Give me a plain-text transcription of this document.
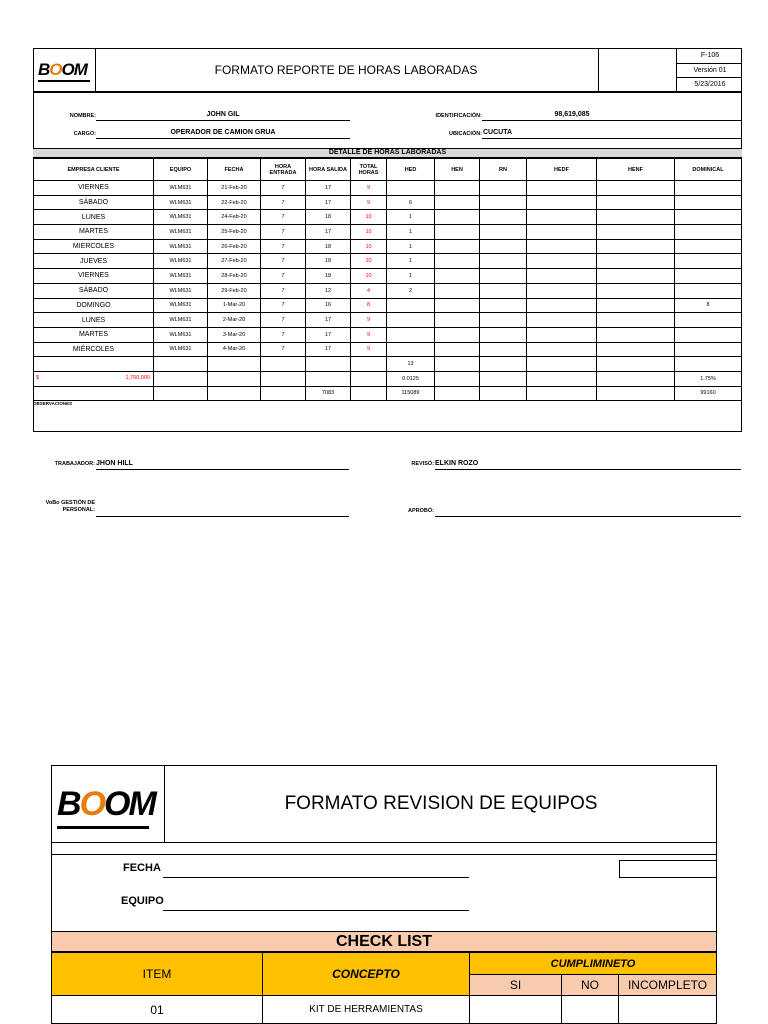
BOOM	FORMATO REPORTE DE HORAS LABORADAS
F-106
Versión 01
5/23/2016
NOMBRE:	JOHN GIL	IDENTIFICACIÓN:	98,619,085
CARGO:	OPERADOR DE CAMION GRUA	UBICACIÓN: CUCUTA
DETALLE DE HORAS LABORADAS
EMPRESA CLIENTE	EQUIPO	FECHA	HORA ENTRADA	HORA SALIDA	TOTAL HORAS	HED	HEN	RN	HEDF	HENF	DOMINICAL
VIERNES	WLM631	21-Feb-20	7	17	9						
SÁBADO	WLM631	22-Feb-20	7	17	9	6					
LUNES	WLM631	24-Feb-20	7	18	10	1					
MARTES	WLM631	25-Feb-20	7	17	10	1					
MIERCOLES	WLM631	26-Feb-20	7	18	10	1					
JUEVES	WLM631	27-Feb-20	7	18	10	1					
VIERNES	WLM631	28-Feb-20	7	18	10	1					
SÁBADO	WLM631	29-Feb-20	7	12	4	2					
DOMINGO	WLM631	1-Mar-20	7	16	8						8
LUNES	WLM631	2-Mar-20	7	17	9						
MARTES	WLM631	3-Mar-20	7	17	9						
MIÉRCOLES	WLM631	4-Mar-20	7	17	9						
						13					

$ 1,700,000						0.0125					1.75%
				7083		115089					99160
OBSERVACIONES
TRABAJADOR: JHON HILL	REVISÓ: ELKIN ROZO
VoBo GESTIÓN DE
PERSONAL:	APROBÓ:
BOOM	FORMATO REVISION DE EQUIPOS
FECHA
EQUIPO
CHECK LIST
ITEM	CONCEPTO
CUMPLIMINETO
SI	NO	INCOMPLETO
01	KIT DE HERRAMIENTAS
